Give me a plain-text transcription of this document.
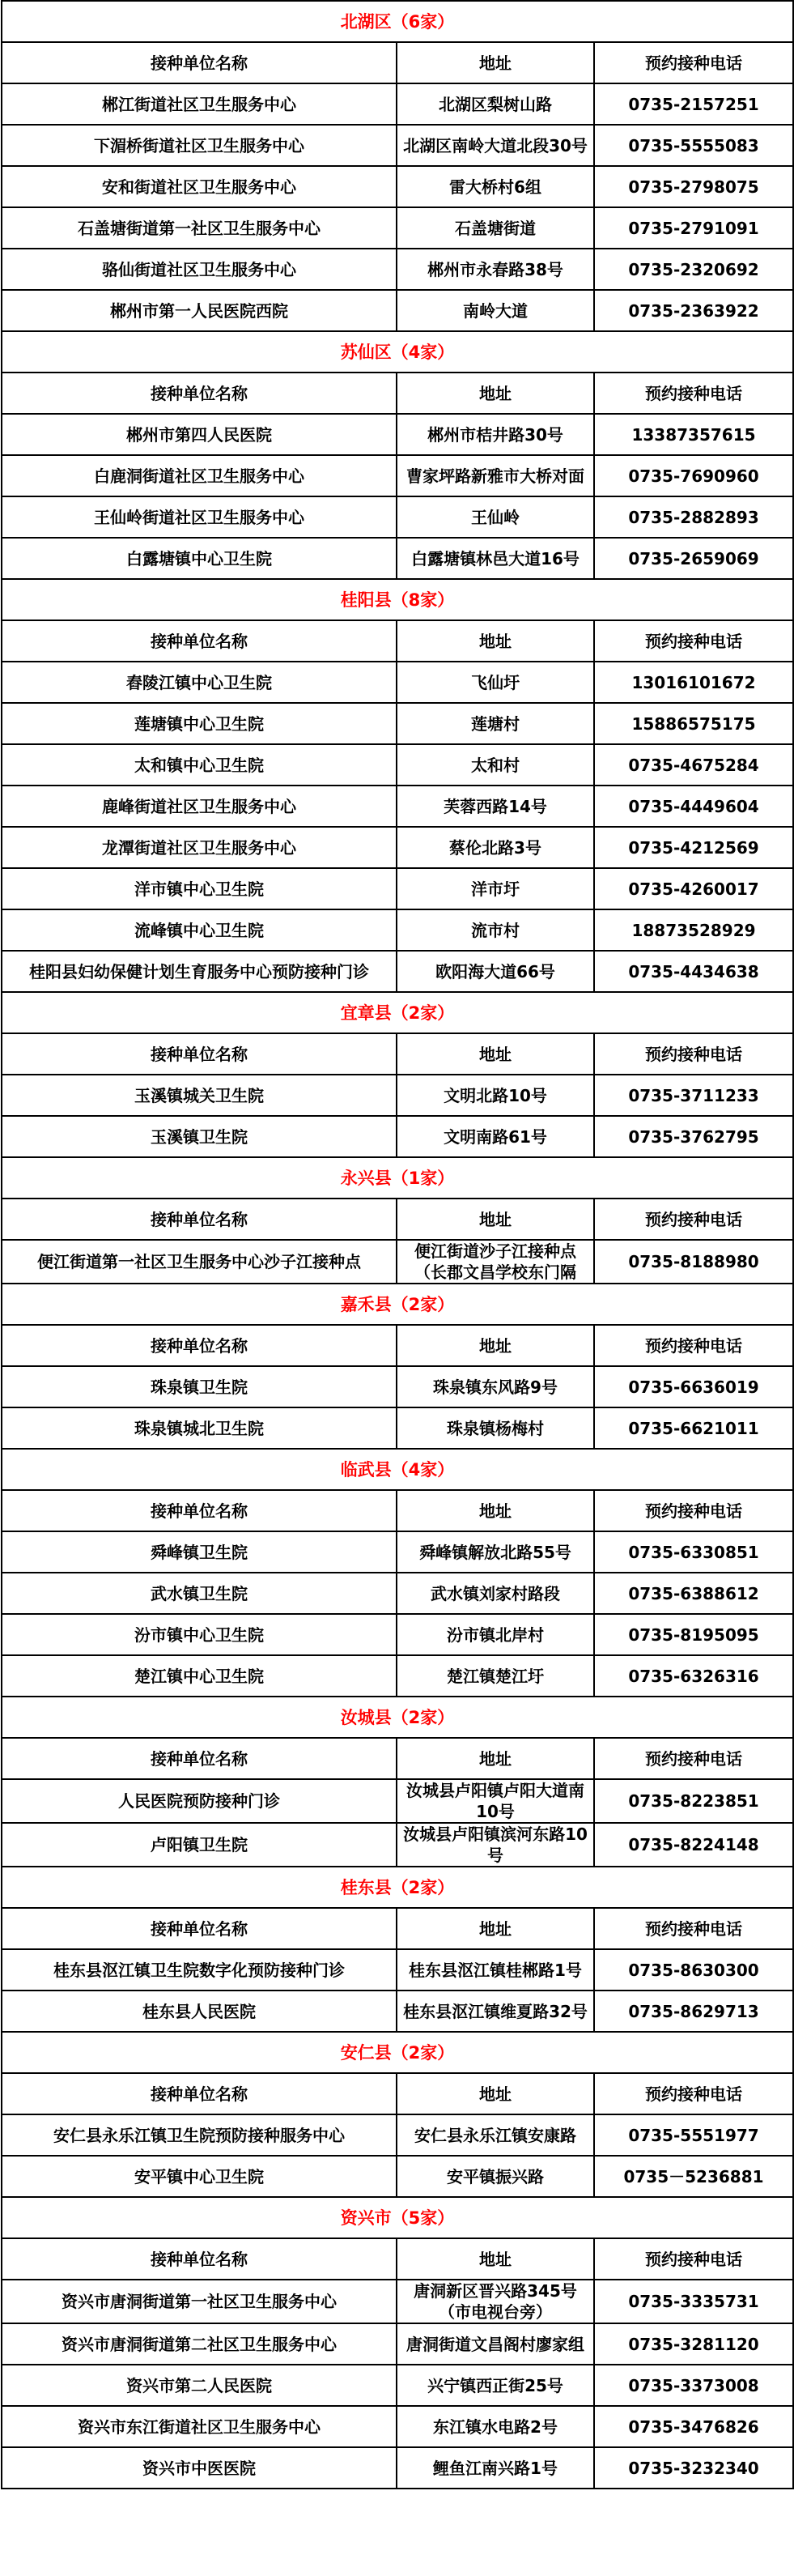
北湖区（6家）		
接种单位名称	地址	预约接种电话
郴江街道社区卫生服务中心	北湖区梨树山路	0735-2157251
下湄桥街道社区卫生服务中心	北湖区南岭大道北段30号	0735-5555083
安和街道社区卫生服务中心	雷大桥村6组	0735-2798075
石盖塘街道第一社区卫生服务中心	石盖塘街道	0735-2791091
骆仙街道社区卫生服务中心	郴州市永春路38号	0735-2320692
郴州市第一人民医院西院	南岭大道	0735-2363922
苏仙区（4家）		
接种单位名称	地址	预约接种电话
郴州市第四人民医院	郴州市桔井路30号	13387357615
白鹿洞街道社区卫生服务中心	曹家坪路新雅市大桥对面	0735-7690960
王仙岭街道社区卫生服务中心	王仙岭	0735-2882893
白露塘镇中心卫生院	白露塘镇林邑大道16号	0735-2659069
桂阳县（8家）		
接种单位名称	地址	预约接种电话
舂陵江镇中心卫生院	飞仙圩	13016101672
莲塘镇中心卫生院	莲塘村	15886575175
太和镇中心卫生院	太和村	0735-4675284
鹿峰街道社区卫生服务中心	芙蓉西路14号	0735-4449604
龙潭街道社区卫生服务中心	蔡伦北路3号	0735-4212569
洋市镇中心卫生院	洋市圩	0735-4260017
流峰镇中心卫生院	流市村	18873528929
桂阳县妇幼保健计划生育服务中心预防接种门诊	欧阳海大道66号	0735-4434638
宜章县（2家）		
接种单位名称	地址	预约接种电话
玉溪镇城关卫生院	文明北路10号	0735-3711233
玉溪镇卫生院	文明南路61号	0735-3762795
永兴县（1家）		
接种单位名称	地址	预约接种电话
便江街道第一社区卫生服务中心沙子江接种点	便江街道沙子江接种点（长郡文昌学校东门隔	0735-8188980
嘉禾县（2家）		
接种单位名称	地址	预约接种电话
珠泉镇卫生院	珠泉镇东风路9号	0735-6636019
珠泉镇城北卫生院	珠泉镇杨梅村	0735-6621011
临武县（4家）		
接种单位名称	地址	预约接种电话
舜峰镇卫生院	舜峰镇解放北路55号	0735-6330851
武水镇卫生院	武水镇刘家村路段	0735-6388612
汾市镇中心卫生院	汾市镇北岸村	0735-8195095
楚江镇中心卫生院	楚江镇楚江圩	0735-6326316
汝城县（2家）		
接种单位名称	地址	预约接种电话
人民医院预防接种门诊	汝城县卢阳镇卢阳大道南10号	0735-8223851
卢阳镇卫生院	汝城县卢阳镇滨河东路10号	0735-8224148
桂东县（2家）		
接种单位名称	地址	预约接种电话
桂东县沤江镇卫生院数字化预防接种门诊	桂东县沤江镇桂郴路1号	0735-8630300
桂东县人民医院	桂东县沤江镇维夏路32号	0735-8629713
安仁县（2家）		
接种单位名称	地址	预约接种电话
安仁县永乐江镇卫生院预防接种服务中心	安仁县永乐江镇安康路	0735-5551977
安平镇中心卫生院	安平镇振兴路	0735－5236881
资兴市（5家）		
接种单位名称	地址	预约接种电话
资兴市唐洞街道第一社区卫生服务中心	唐洞新区晋兴路345号（市电视台旁）	0735-3335731
资兴市唐洞街道第二社区卫生服务中心	唐洞街道文昌阁村廖家组	0735-3281120
资兴市第二人民医院	兴宁镇西正街25号	0735-3373008
资兴市东江街道社区卫生服务中心	东江镇水电路2号	0735-3476826
资兴市中医医院	鲤鱼江南兴路1号	0735-3232340
